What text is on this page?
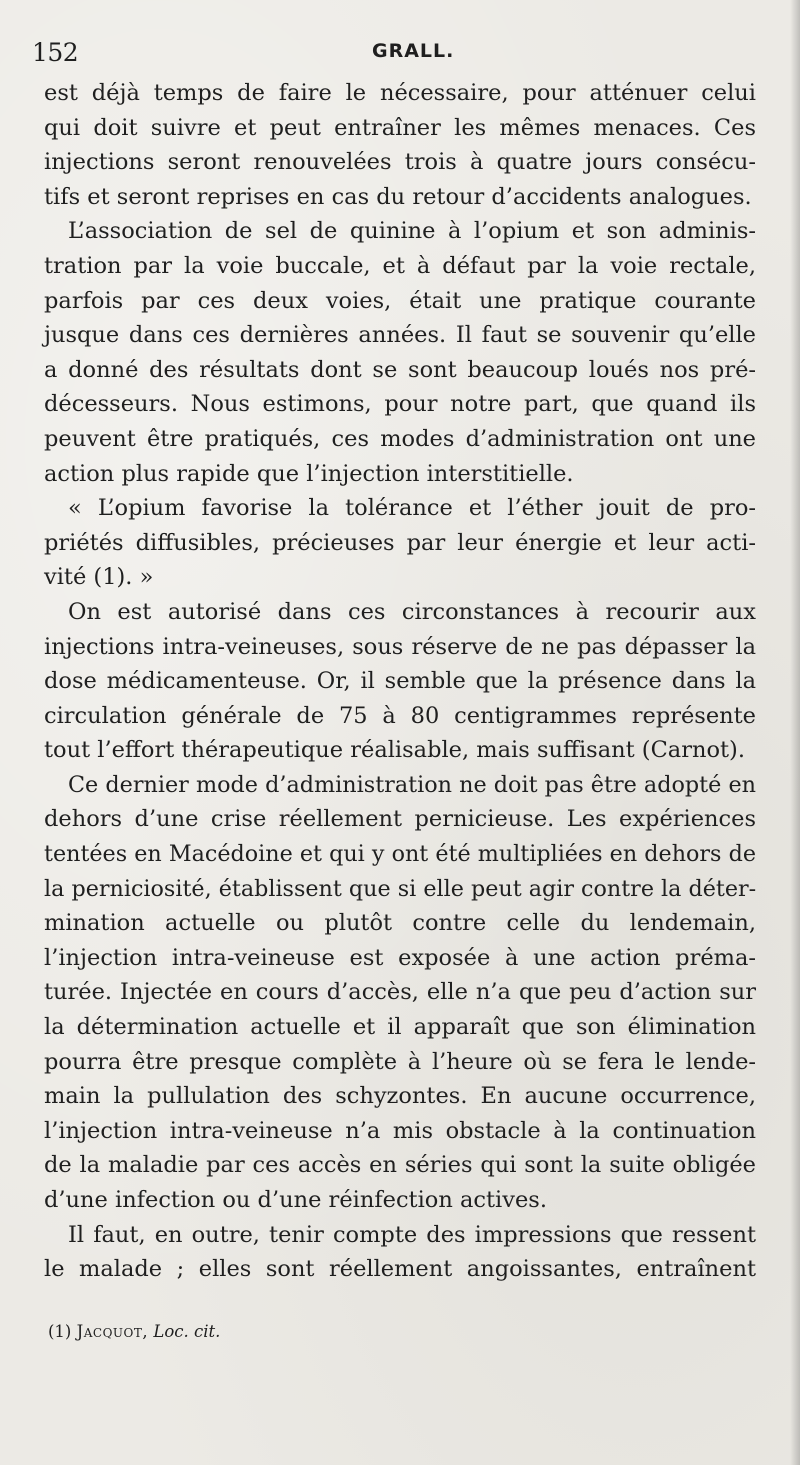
152	GRALL.
est déjà temps de faire le nécessaire, pour atténuer celui
qui doit suivre et peut entraîner les mêmes menaces. Ces
injections seront renouvelées trois à quatre jours consécu-
tifs et seront reprises en cas du retour d’accidents analogues.
L’association de sel de quinine à l’opium et son adminis-
tration par la voie buccale, et à défaut par la voie rectale,
parfois par ces deux voies, était une pratique courante
jusque dans ces dernières années. Il faut se souvenir qu’elle
a donné des résultats dont se sont beaucoup loués nos pré-
décesseurs. Nous estimons, pour notre part, que quand ils
peuvent être pratiqués, ces modes d’administration ont une
action plus rapide que l’injection interstitielle.
« L’opium favorise la tolérance et l’éther jouit de pro-
priétés diffusibles, précieuses par leur énergie et leur acti-
vité (1). »
On est autorisé dans ces circonstances à recourir aux
injections intra-veineuses, sous réserve de ne pas dépasser la
dose médicamenteuse. Or, il semble que la présence dans la
circulation générale de 75 à 80 centigrammes représente
tout l’effort thérapeutique réalisable, mais suffisant (Carnot).
Ce dernier mode d’administration ne doit pas être adopté en
dehors d’une crise réellement pernicieuse. Les expériences
tentées en Macédoine et qui y ont été multipliées en dehors de
la perniciosité, établissent que si elle peut agir contre la déter-
mination actuelle ou plutôt contre celle du lendemain,
l’injection intra-veineuse est exposée à une action préma-
turée. Injectée en cours d’accès, elle n’a que peu d’action sur
la détermination actuelle et il apparaît que son élimination
pourra être presque complète à l’heure où se fera le lende-
main la pullulation des schyzontes. En aucune occurrence,
l’injection intra-veineuse n’a mis obstacle à la continuation
de la maladie par ces accès en séries qui sont la suite obligée
d’une infection ou d’une réinfection actives.
Il faut, en outre, tenir compte des impressions que ressent
le malade ; elles sont réellement angoissantes, entraînent
(1) Jacquot, Loc. cit.
